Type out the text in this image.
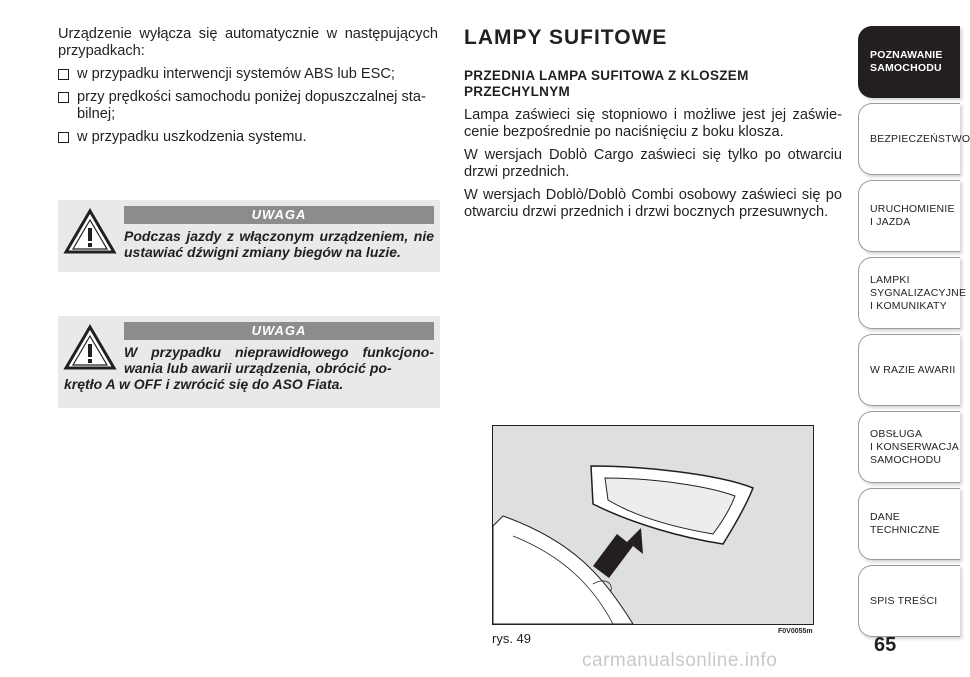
Urządzenie wyłącza się automatycznie w następujących przypadkach:

w przypadku interwencji systemów ABS lub ESC;
przy prędkości samochodu poniżej dopuszczalnej sta-bilnej;
w przypadku uszkodzenia systemu.
UWAGA
Podczas jazdy z włączonym urządzeniem, nie ustawiać dźwigni zmiany biegów na luzie.
UWAGA
W przypadku nieprawidłowego funkcjono-wania lub awarii urządzenia, obrócić po-
krętło A w OFF i zwrócić się do ASO Fiata.
LAMPY SUFITOWE
PRZEDNIA LAMPA SUFITOWA Z KLOSZEM PRZECHYLNYM

Lampa zaświeci się stopniowo i możliwe jest jej zaświe-cenie bezpośrednie po naciśnięciu z boku klosza.

W wersjach Doblò Cargo zaświeci się tylko po otwarciu drzwi przednich.

W wersjach Doblò/Doblò Combi osobowy zaświeci się po otwarciu drzwi przednich i drzwi bocznych przesuwnych.

rys. 49	F0V0055m
POZNAWANIE
SAMOCHODU
BEZPIECZEŃSTWO
URUCHOMIENIE
I JAZDA
LAMPKI
SYGNALIZACYJNE
I KOMUNIKATY
W RAZIE AWARII
OBSŁUGA
I KONSERWACJA
SAMOCHODU
DANE
TECHNICZNE
SPIS TREŚCI
65
carmanualsonline.info
